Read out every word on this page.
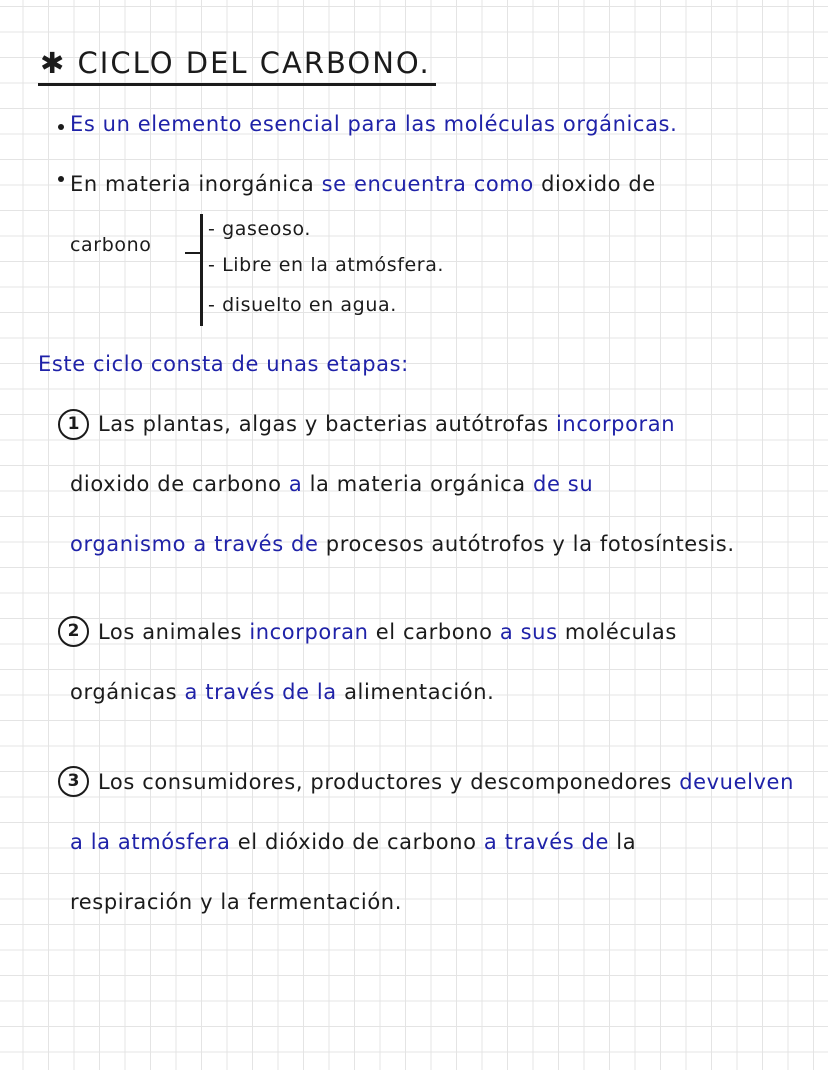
✱ CICLO DEL CARBONO.
Es un elemento esencial para las moléculas orgánicas.
En materia inorgánica se encuentra como dioxido de
carbono
- gaseoso.
- Libre en la atmósfera.
- disuelto en agua.
Este ciclo consta de unas etapas:
1 Las plantas, algas y bacterias autótrofas incorporan
dioxido de carbono a la materia orgánica de su
organismo a través de procesos autótrofos y la fotosíntesis.
2 Los animales incorporan el carbono a sus moléculas
orgánicas a través de la alimentación.
3 Los consumidores, productores y descomponedores devuelven
a la atmósfera el dióxido de carbono a través de la
respiración y la fermentación.
